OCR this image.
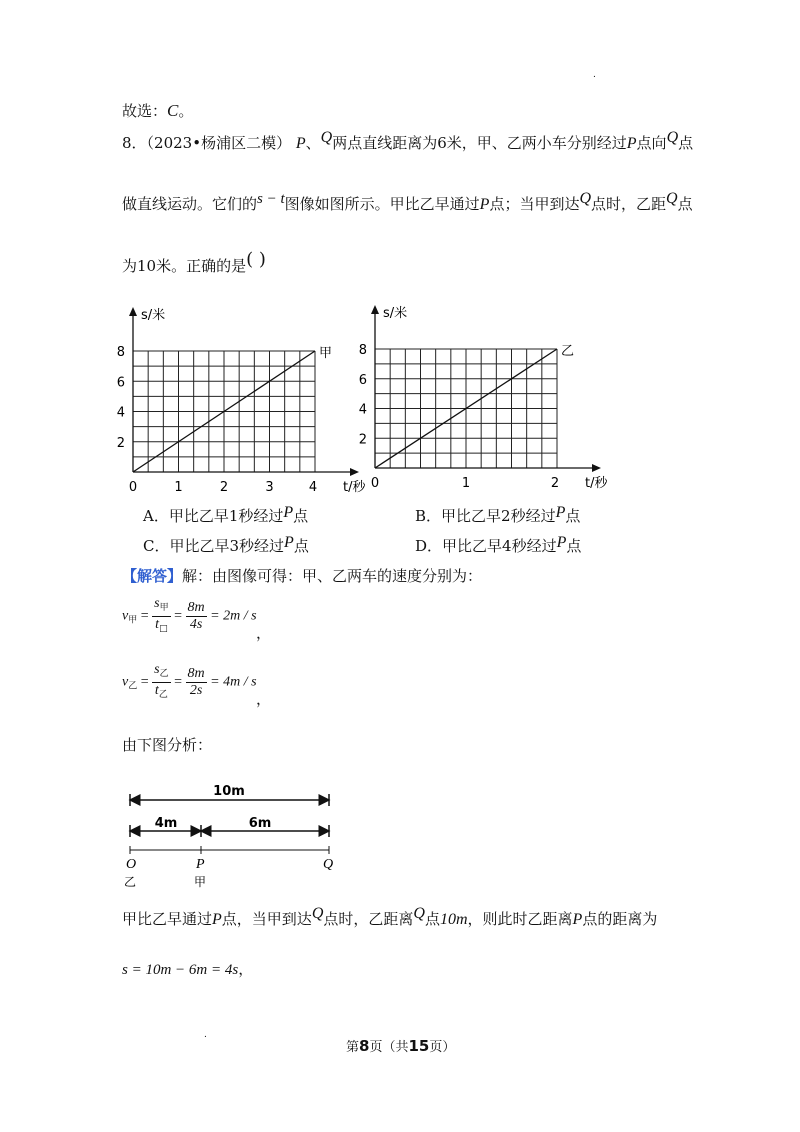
.
故选：C。
8．（2023•杨浦区二模） P、Q两点直线距离为6米，甲、乙两小车分别经过P点向Q点
做直线运动。它们的s − t图像如图所示。甲比乙早通过P点；当甲到达Q点时，乙距Q点
为10米。正确的是( )
0	1	2	3	4
2
4
6
8
s/米
t/秒
甲
0	1	2
2
4
6
8
s/米
t/秒
乙
A．甲比乙早1秒经过P点	B．甲比乙早2秒经过P点
C．甲比乙早3秒经过P点	D．甲比乙早4秒经过P点
【解答】解：由图像可得：甲、乙两车的速度分别为：
$v_甲 = \frac{s_甲}{t_□} = \frac{8m}{4s} = 2m / s$
，
$v_乙 = \frac{s_乙}{t_乙} = \frac{8m}{2s} = 4m / s$
，
由下图分析：
10m
4m	6m
O	P	Q
乙	甲
甲比乙早通过P点，当甲到达Q点时，乙距离Q点10m，则此时乙距离P点的距离为
s = 10m − 6m = 4s，
.
第8页（共15页）
